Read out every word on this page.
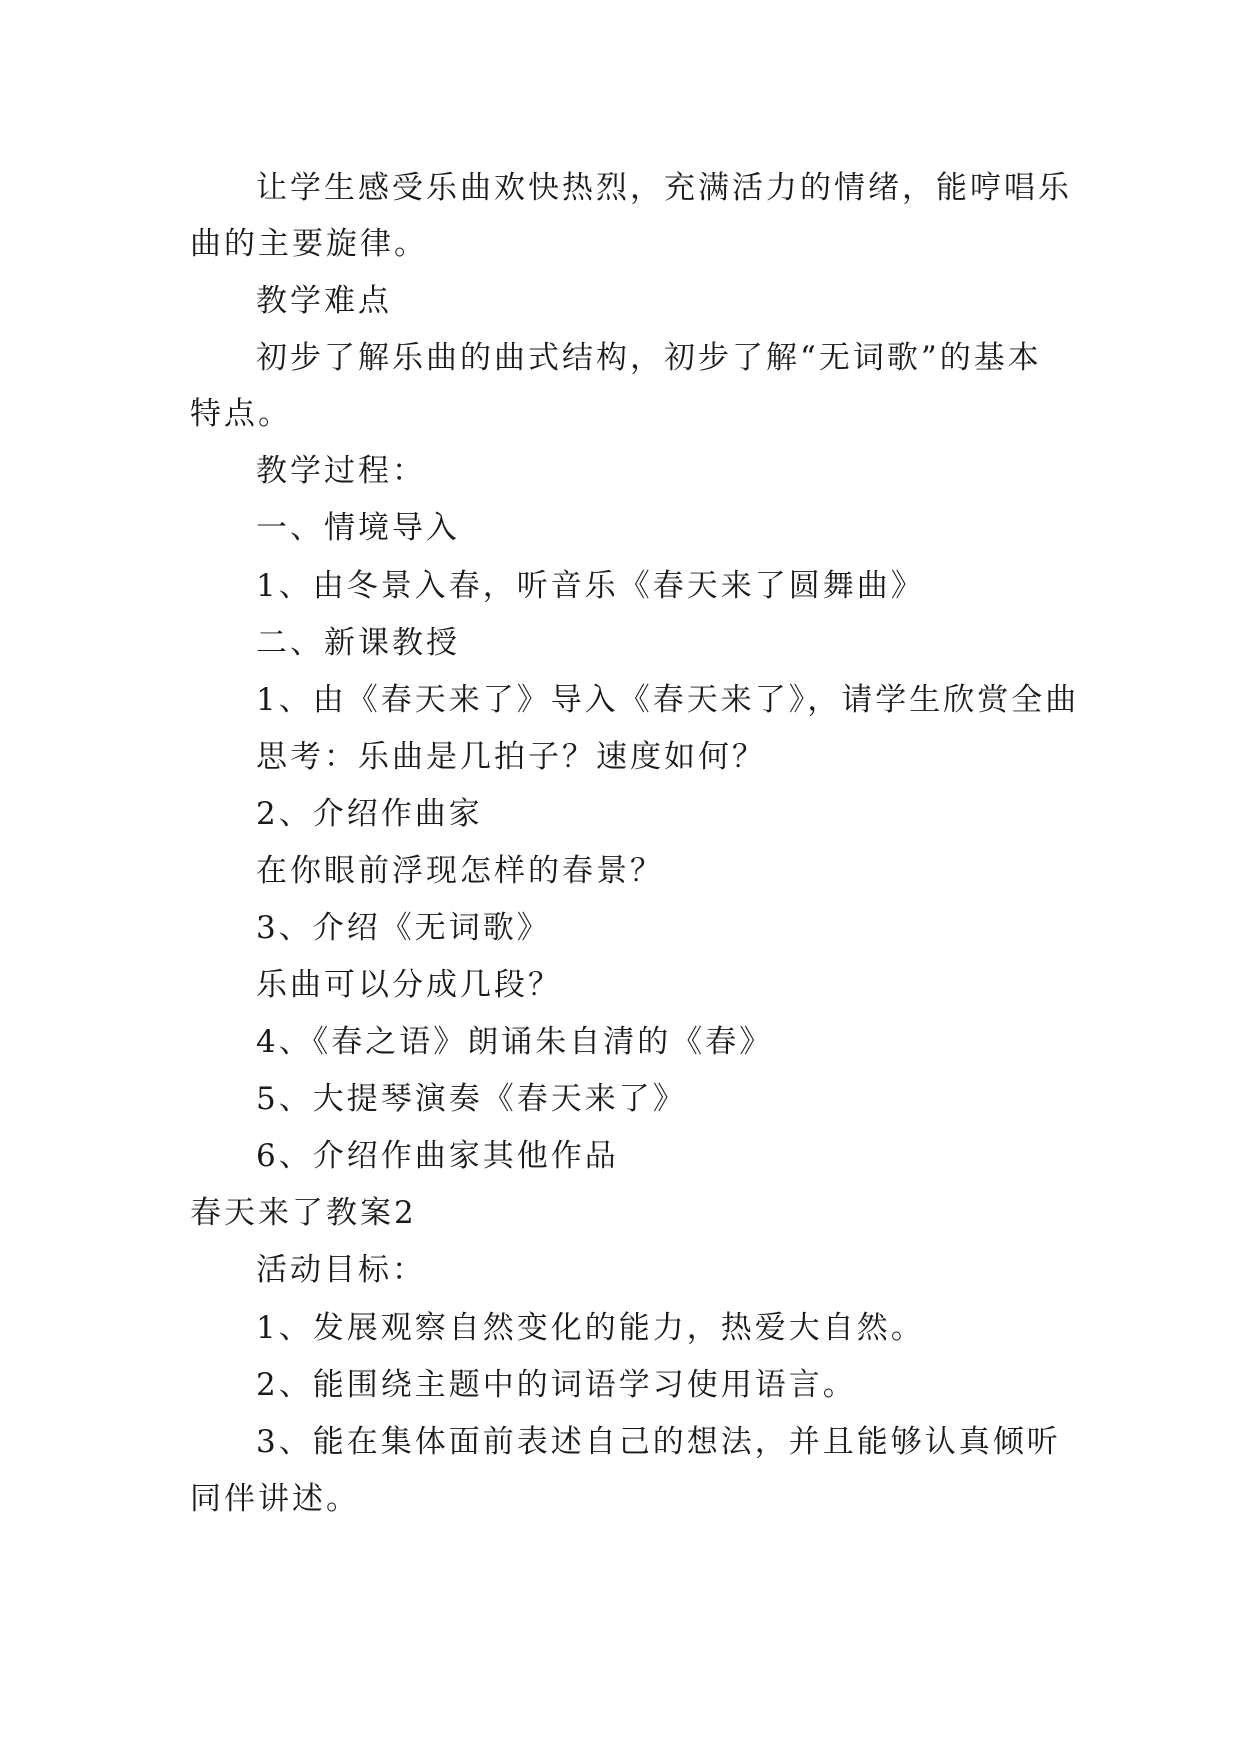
让学生感受乐曲欢快热烈，充满活力的情绪，能哼唱乐
曲的主要旋律。
教学难点
初步了解乐曲的曲式结构，初步了解“无词歌”的基本
特点。
教学过程：
一、情境导入
1、由冬景入春，听音乐《春天来了圆舞曲》
二、新课教授
1、由《春天来了》导入《春天来了》，请学生欣赏全曲
思考：乐曲是几拍子？速度如何？
2、介绍作曲家
在你眼前浮现怎样的春景？
3、介绍《无词歌》
乐曲可以分成几段？
4、《春之语》朗诵朱自清的《春》
5、大提琴演奏《春天来了》
6、介绍作曲家其他作品
春天来了教案2
活动目标：
1、发展观察自然变化的能力，热爱大自然。
2、能围绕主题中的词语学习使用语言。
3、能在集体面前表述自己的想法，并且能够认真倾听
同伴讲述。
